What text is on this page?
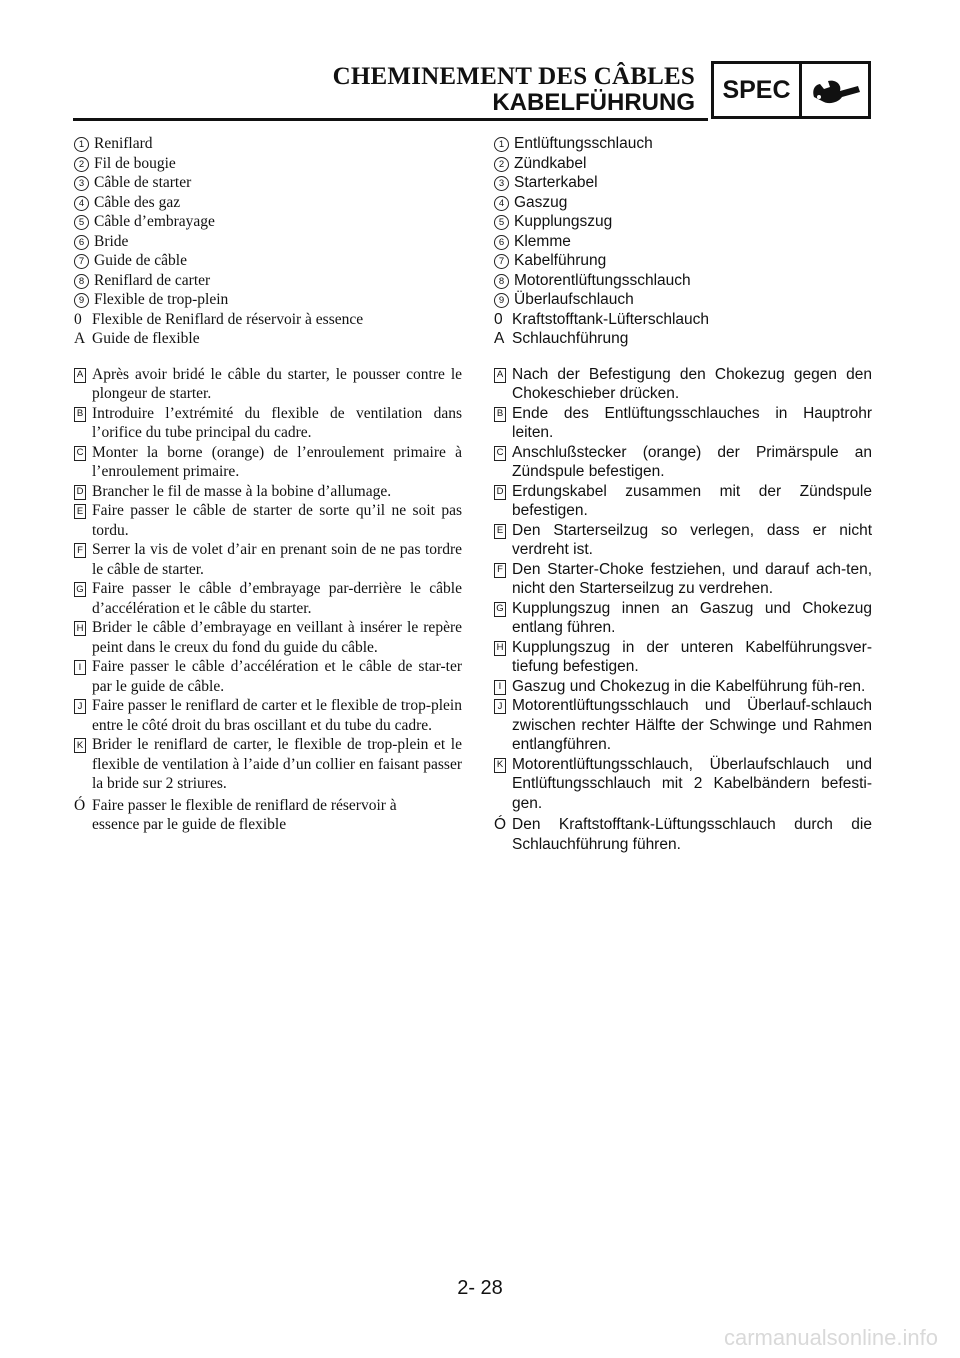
CHEMINEMENT DES CÂBLES
KABELFÜHRUNG	SPEC
1 Reniflard
2 Fil de bougie
3 Câble de starter
4 Câble des gaz
5 Câble d’embrayage
6 Bride
7 Guide de câble
8 Reniflard de carter
9 Flexible de trop-plein
0 Flexible de Reniflard de réservoir à essence
A Guide de flexible
A Après avoir bridé le câble du starter, le pousser contre le plongeur de starter.
B Introduire l’extrémité du flexible de ventilation dans l’orifice du tube principal du cadre.
C Monter la borne (orange) de l’enroulement primaire à l’enroulement primaire.
D Brancher le fil de masse à la bobine d’allumage.
E Faire passer le câble de starter de sorte qu’il ne soit pas tordu.
F Serrer la vis de volet d’air en prenant soin de ne pas tordre le câble de starter.
G Faire passer le câble d’embrayage par-derrière le câble d’accélération et le câble du starter.
H Brider le câble d’embrayage en veillant à insérer le repère peint dans le creux du fond du guide du câble.
I Faire passer le câble d’accélération et le câble de star-ter par le guide de câble.
J Faire passer le reniflard de carter et le flexible de trop-plein entre le côté droit du bras oscillant et du tube du cadre.
K Brider le reniflard de carter, le flexible de trop-plein et le flexible de ventilation à l’aide d’un collier en faisant passer la bride sur 2 striures.
Ó Faire passer le flexible de reniflard de réservoir à essence par le guide de flexible
1 Entlüftungsschlauch
2 Zündkabel
3 Starterkabel
4 Gaszug
5 Kupplungszug
6 Klemme
7 Kabelführung
8 Motorentlüftungsschlauch
9 Überlaufschlauch
0 Kraftstofftank-Lüfterschlauch
A Schlauchführung
A Nach der Befestigung den Chokezug gegen den Chokeschieber drücken.
B Ende des Entlüftungsschlauches in Hauptrohr leiten.
C Anschlußstecker (orange) der Primärspule an Zündspule befestigen.
D Erdungskabel zusammen mit der Zündspule befestigen.
E Den Starterseilzug so verlegen, dass er nicht verdreht ist.
F Den Starter-Choke festziehen, und darauf ach-ten, nicht den Starterseilzug zu verdrehen.
G Kupplungszug innen an Gaszug und Chokezug entlang führen.
H Kupplungszug in der unteren Kabelführungsver-tiefung befestigen.
I Gaszug und Chokezug in die Kabelführung füh-ren.
J Motorentlüftungsschlauch und Überlauf-schlauch zwischen rechter Hälfte der Schwinge und Rahmen entlangführen.
K Motorentlüftungsschlauch, Überlaufschlauch und Entlüftungsschlauch mit 2 Kabelbändern befesti-gen.
Ó Den Kraftstofftank-Lüftungsschlauch durch die Schlauchführung führen.
2- 28
carmanualsonline.info
